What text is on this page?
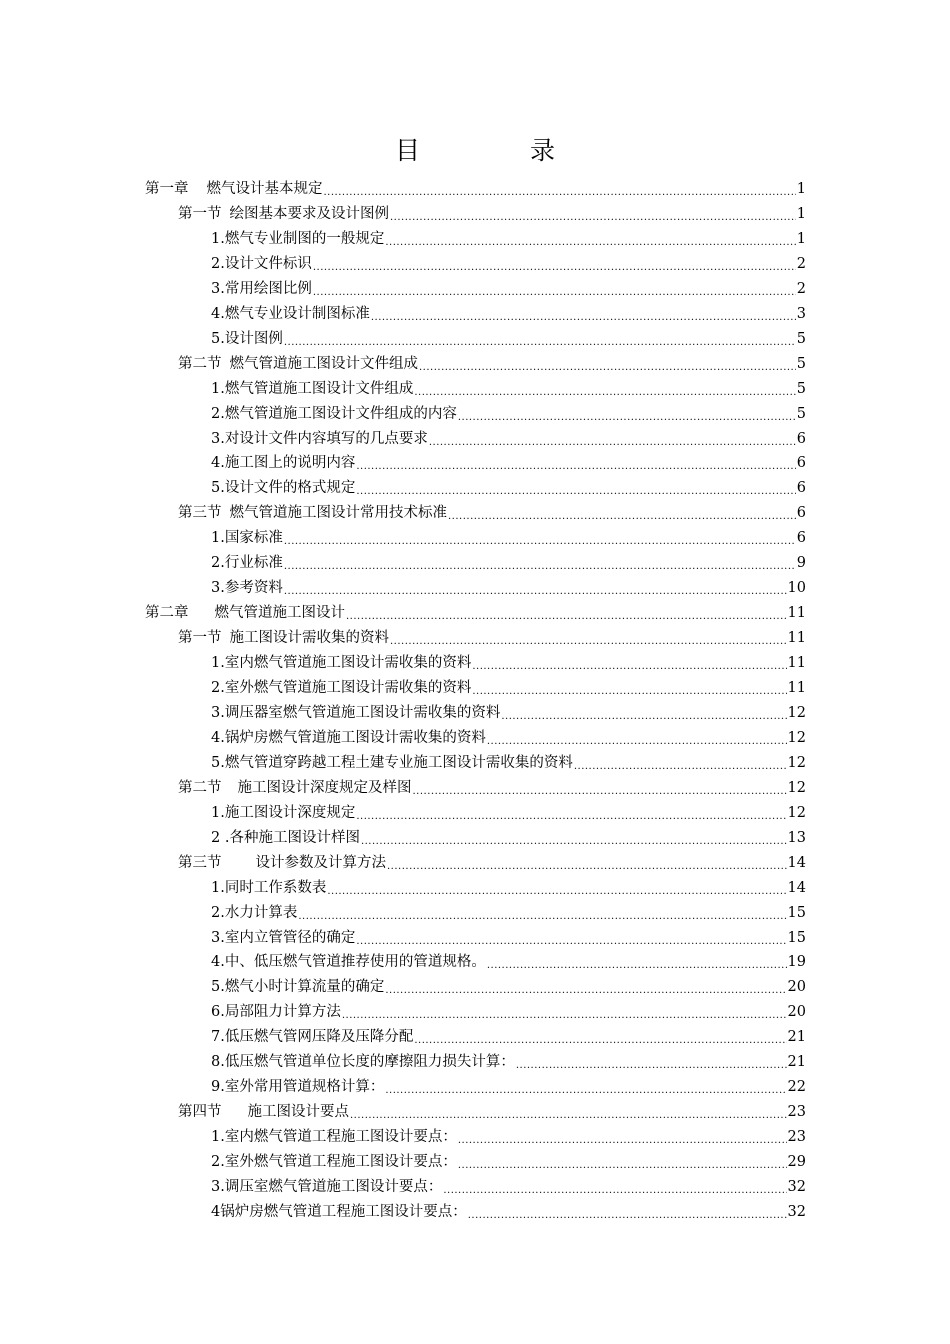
目	录
第一章 燃气设计基本规定 .....	1
第一节 绘图基本要求及设计图例 .....	1
1. 燃气专业制图的一般规定 .....	1
2. 设计文件标识 .....	2
3. 常用绘图比例 .....	2
4. 燃气专业设计制图标准 .....	3
5. 设计图例 .....	5
第二节 燃气管道施工图设计文件组成 .....	5
1. 燃气管道施工图设计文件组成 .....	5
2. 燃气管道施工图设计文件组成的内容 .....	5
3. 对设计文件内容填写的几点要求 .....	6
4. 施工图上的说明内容 .....	6
5. 设计文件的格式规定 .....	6
第三节 燃气管道施工图设计常用技术标准 .....	6
1. 国家标准 .....	6
2. 行业标准 .....	9
3. 参考资料 .....	10
第二章 燃气管道施工图设计 .....	11
第一节 施工图设计需收集的资料 .....	11
1. 室内燃气管道施工图设计需收集的资料 .....	11
2. 室外燃气管道施工图设计需收集的资料 .....	11
3. 调压器室燃气管道施工图设计需收集的资料 .....	12
4. 锅炉房燃气管道施工图设计需收集的资料 .....	12
5. 燃气管道穿跨越工程土建专业施工图设计需收集的资料 .....	12
第二节 施工图设计深度规定及样图 .....	12
1. 施工图设计深度规定 .....	12
2 . 各种施工图设计样图 .....	13
第三节 设计参数及计算方法 .....	14
1. 同时工作系数表 .....	14
2. 水力计算表 .....	15
3. 室内立管管径的确定 .....	15
4. 中、低压燃气管道推荐使用的管道规格。 .....	19
5. 燃气小时计算流量的确定 .....	20
6. 局部阻力计算方法 .....	20
7. 低压燃气管网压降及压降分配 .....	21
8. 低压燃气管道单位长度的摩擦阻力损失计算： .....	21
9. 室外常用管道规格计算： .....	22
第四节 施工图设计要点 .....	23
1. 室内燃气管道工程施工图设计要点： .....	23
2. 室外燃气管道工程施工图设计要点： .....	29
3. 调压室燃气管道施工图设计要点： .....	32
4 锅炉房燃气管道工程施工图设计要点： .....	32
